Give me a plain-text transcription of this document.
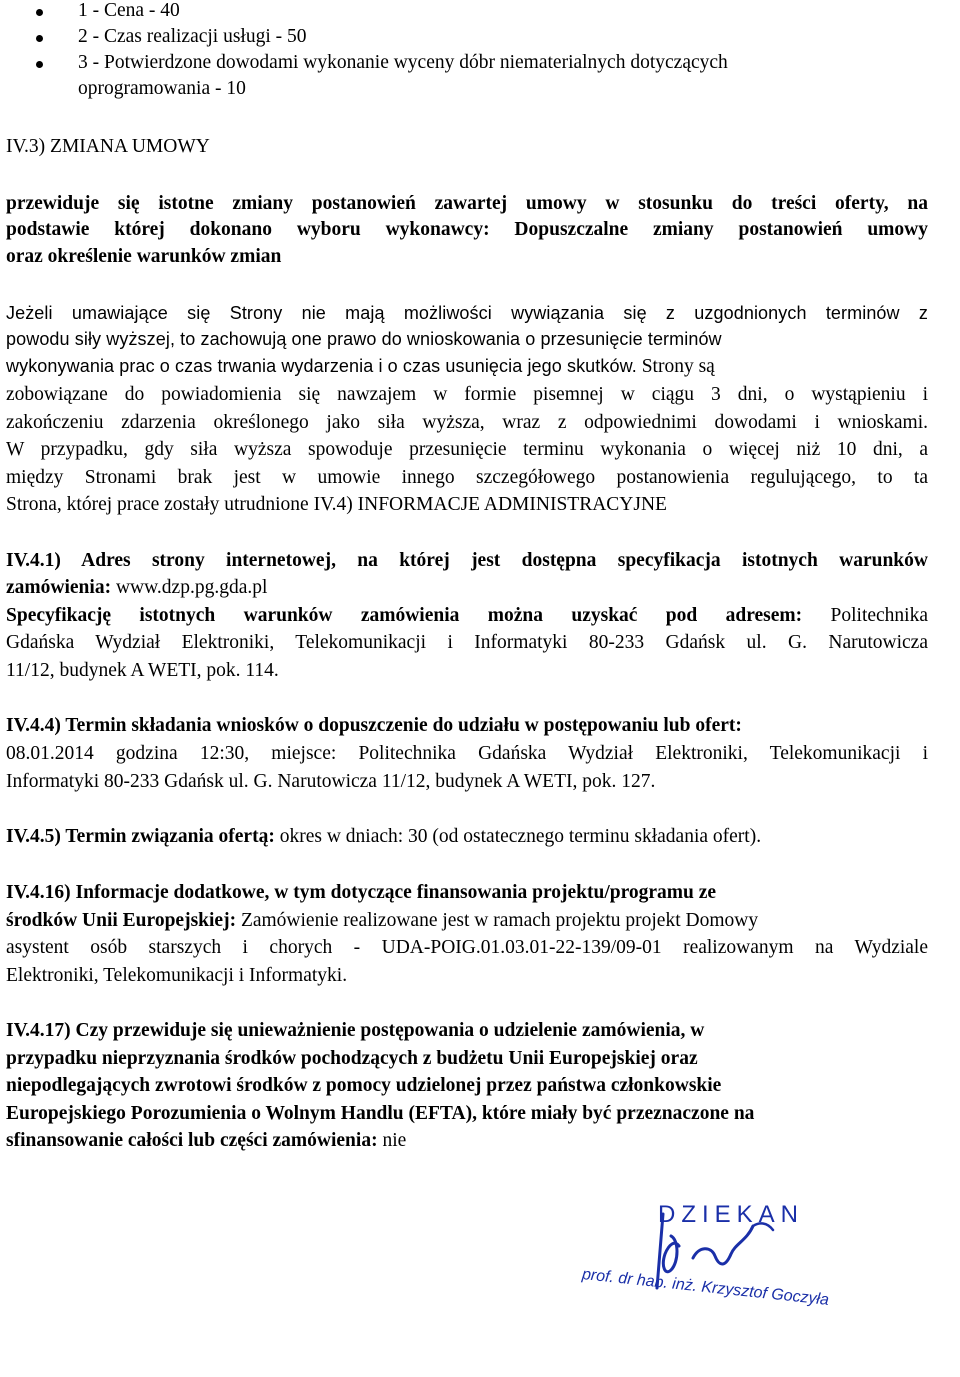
1 - Cena - 40
2 - Czas realizacji usługi - 50
3 - Potwierdzone dowodami wykonanie wyceny dóbr niematerialnych dotyczących
oprogramowania - 10
IV.3) ZMIANA UMOWY
przewiduje się istotne zmiany postanowień zawartej umowy w stosunku do treści oferty, na
podstawie której dokonano wyboru wykonawcy: Dopuszczalne zmiany postanowień umowy
oraz określenie warunków zmian
Jeżeli umawiające się Strony nie mają możliwości wywiązania się z uzgodnionych terminów z
powodu siły wyższej, to zachowują one prawo do wnioskowania o przesunięcie terminów
wykonywania prac o czas trwania wydarzenia i o czas usunięcia jego skutków. Strony są
zobowiązane do powiadomienia się nawzajem w formie pisemnej w ciągu 3 dni, o wystąpieniu i
zakończeniu zdarzenia określonego jako siła wyższa, wraz z odpowiednimi dowodami i wnioskami.
W przypadku, gdy siła wyższa spowoduje przesunięcie terminu wykonania o więcej niż 10 dni, a
między Stronami brak jest w umowie innego szczegółowego postanowienia regulującego, to ta
Strona, której prace zostały utrudnione IV.4) INFORMACJE ADMINISTRACYJNE
IV.4.1) Adres strony internetowej, na której jest dostępna specyfikacja istotnych warunków
zamówienia: www.dzp.pg.gda.pl
Specyfikację istotnych warunków zamówienia można uzyskać pod adresem: Politechnika
Gdańska Wydział Elektroniki, Telekomunikacji i Informatyki 80-233 Gdańsk ul. G. Narutowicza
11/12, budynek A WETI, pok. 114.
IV.4.4) Termin składania wniosków o dopuszczenie do udziału w postępowaniu lub ofert:
08.01.2014 godzina 12:30, miejsce: Politechnika Gdańska Wydział Elektroniki, Telekomunikacji i
Informatyki 80-233 Gdańsk ul. G. Narutowicza 11/12, budynek A WETI, pok. 127.
IV.4.5) Termin związania ofertą: okres w dniach: 30 (od ostatecznego terminu składania ofert).
IV.4.16) Informacje dodatkowe, w tym dotyczące finansowania projektu/programu ze
środków Unii Europejskiej: Zamówienie realizowane jest w ramach projektu projekt Domowy
asystent osób starszych i chorych - UDA-POIG.01.03.01-22-139/09-01 realizowanym na Wydziale
Elektroniki, Telekomunikacji i Informatyki.
IV.4.17) Czy przewiduje się unieważnienie postępowania o udzielenie zamówienia, w
przypadku nieprzyznania środków pochodzących z budżetu Unii Europejskiej oraz
niepodlegających zwrotowi środków z pomocy udzielonej przez państwa członkowskie
Europejskiego Porozumienia o Wolnym Handlu (EFTA), które miały być przeznaczone na
sfinansowanie całości lub części zamówienia: nie
DZIEKAN
prof. dr hab. inż. Krzysztof Goczyła
